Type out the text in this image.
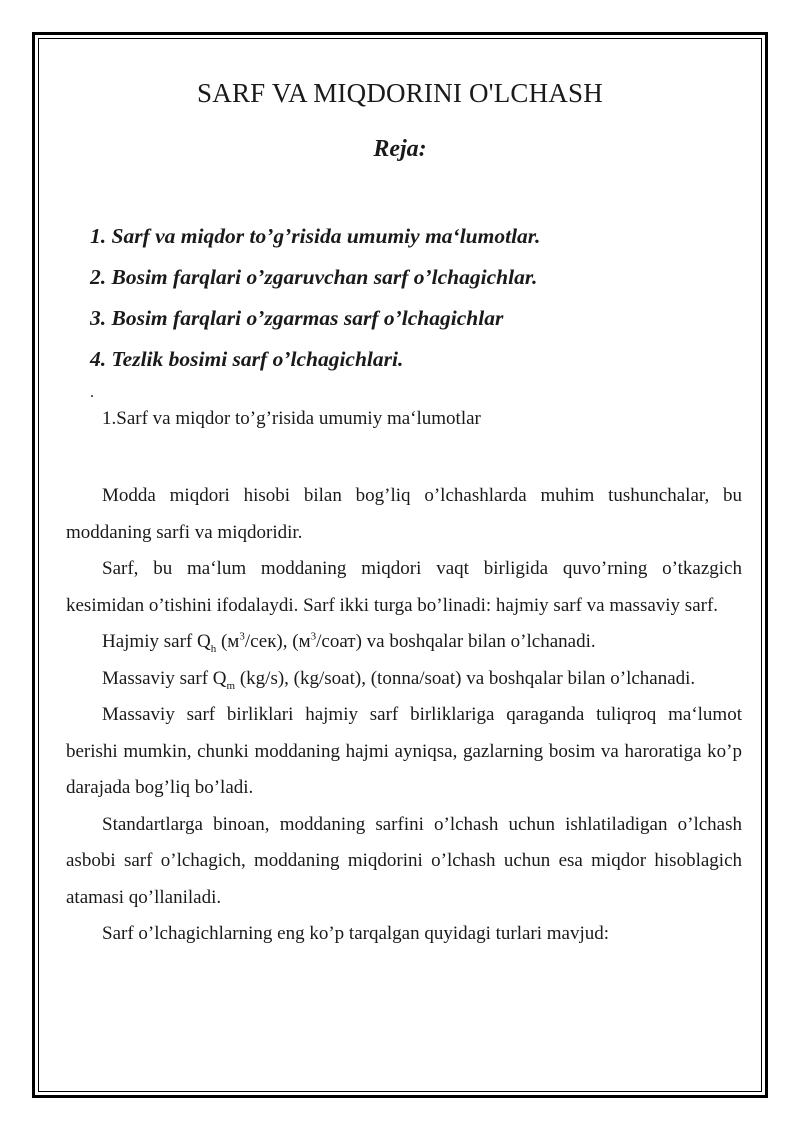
SARF VA MIQDORINI O'LCHASH
Reja:
1. Sarf va miqdor to’g’risida umumiy ma‘lumotlar.
2. Bosim farqlari o’zgaruvchan sarf o’lchagichlar.
3. Bosim farqlari o’zgarmas sarf o’lchagichlar
4. Tezlik bosimi sarf o’lchagichlari.
.
1.Sarf va miqdor to’g’risida umumiy ma‘lumotlar

Modda miqdori hisobi bilan bog’liq o’lchashlarda muhim tushunchalar, bu moddaning sarfi va miqdoridir.

Sarf, bu ma‘lum moddaning miqdori vaqt birligida quvo’rning o’tkazgich kesimidan o’tishini ifodalaydi. Sarf ikki turga bo’linadi: hajmiy sarf va massaviy sarf.

Hajmiy sarf $Q_h$ $(м^3/сек)$, $(м^3/соат)$ va boshqalar bilan o’lchanadi.

Massaviy sarf $Q_m$ (kg/s), (kg/soat), (tonna/soat) va boshqalar bilan o’lchanadi.

Massaviy sarf birliklari hajmiy sarf birliklariga qaraganda tuliqroq ma‘lumot berishi mumkin, chunki moddaning hajmi ayniqsa, gazlarning bosim va haroratiga ko’p darajada bog’liq bo’ladi.

Standartlarga binoan, moddaning sarfini o’lchash uchun ishlatiladigan o’lchash asbobi sarf o’lchagich, moddaning miqdorini o’lchash uchun esa miqdor hisoblagich atamasi qo’llaniladi.

Sarf o’lchagichlarning eng ko’p tarqalgan quyidagi turlari mavjud:
